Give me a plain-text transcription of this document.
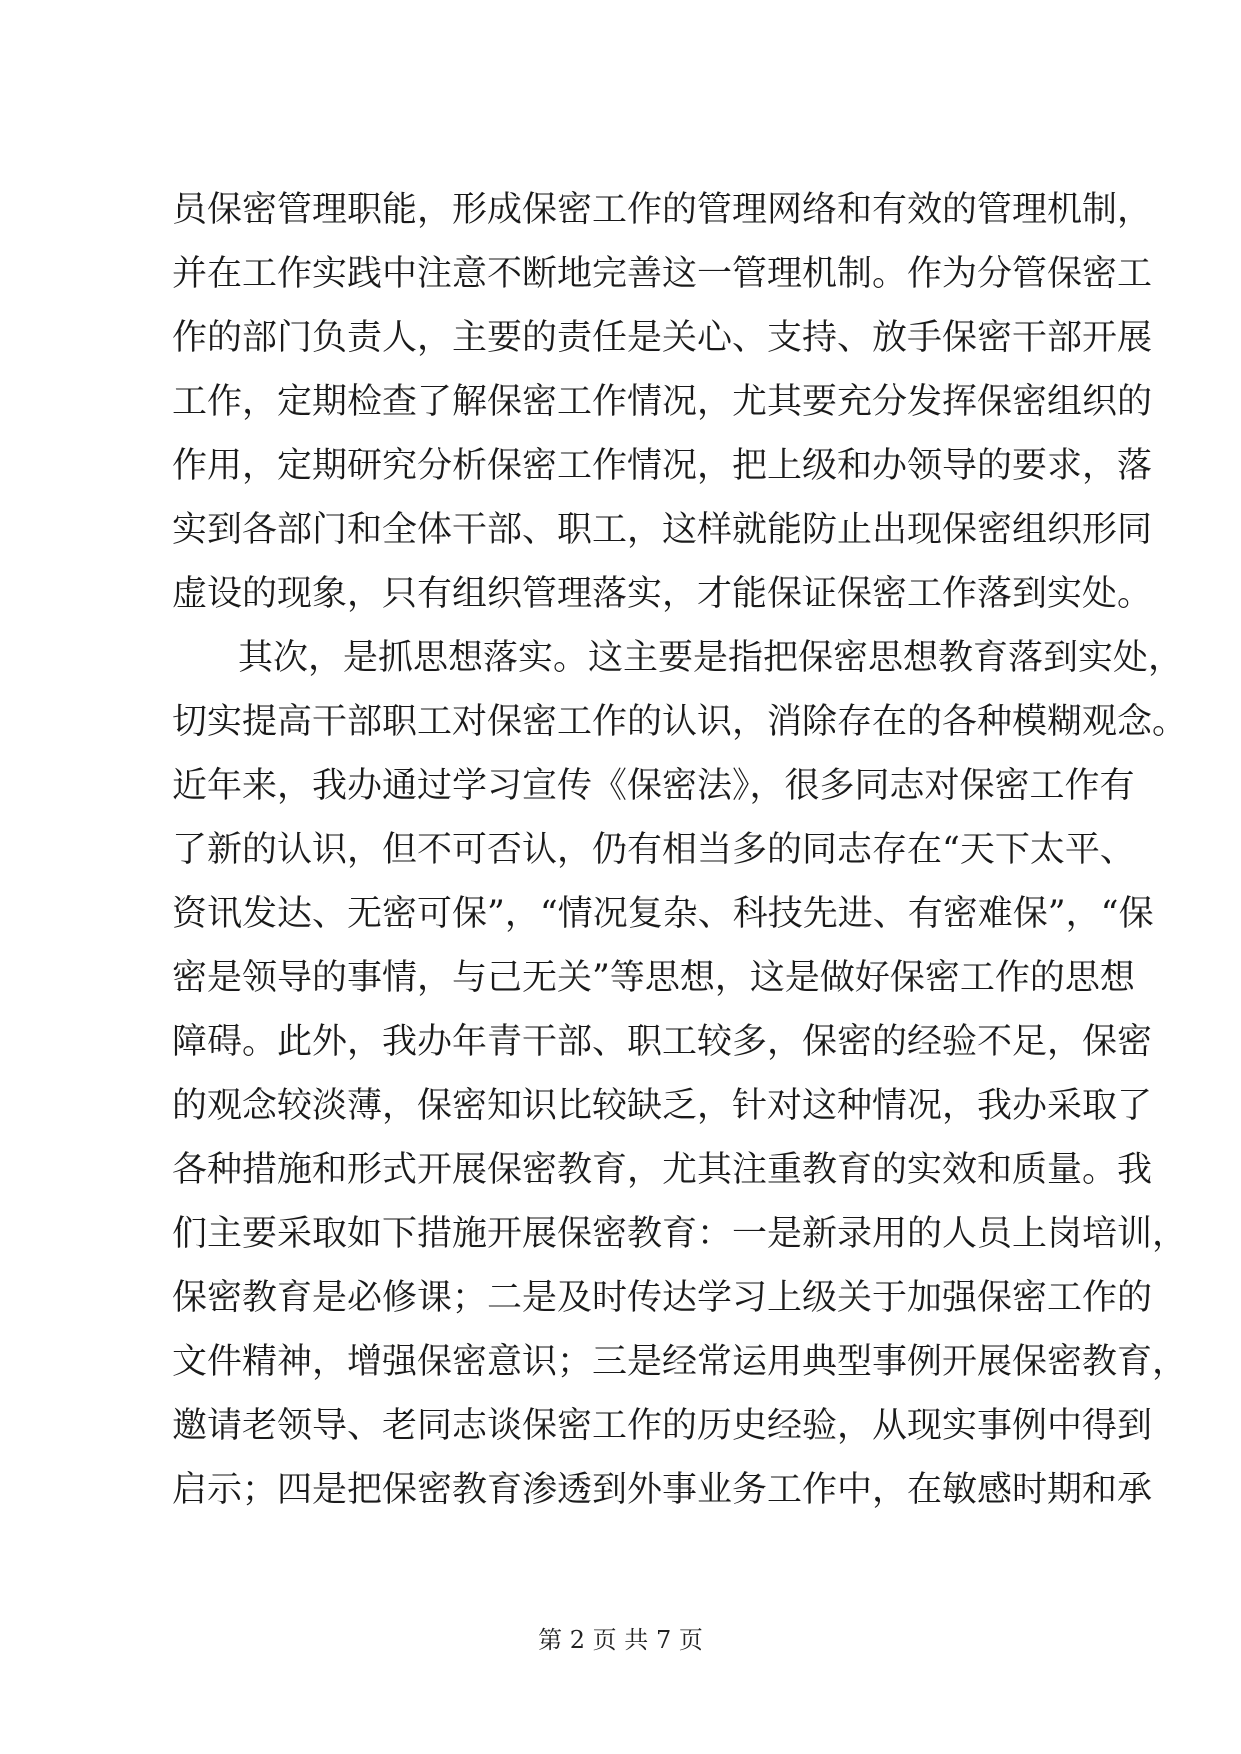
员保密管理职能，形成保密工作的管理网络和有效的管理机制，
并在工作实践中注意不断地完善这一管理机制。作为分管保密工
作的部门负责人，主要的责任是关心、支持、放手保密干部开展
工作，定期检查了解保密工作情况，尤其要充分发挥保密组织的
作用，定期研究分析保密工作情况，把上级和办领导的要求，落
实到各部门和全体干部、职工，这样就能防止出现保密组织形同
虚设的现象，只有组织管理落实，才能保证保密工作落到实处。
其次，是抓思想落实。这主要是指把保密思想教育落到实处，
切实提高干部职工对保密工作的认识，消除存在的各种模糊观念。
近年来，我办通过学习宣传《保密法》，很多同志对保密工作有
了新的认识，但不可否认，仍有相当多的同志存在“天下太平、
资讯发达、无密可保”，“情况复杂、科技先进、有密难保”，“保
密是领导的事情，与己无关”等思想，这是做好保密工作的思想
障碍。此外，我办年青干部、职工较多，保密的经验不足，保密
的观念较淡薄，保密知识比较缺乏，针对这种情况，我办采取了
各种措施和形式开展保密教育，尤其注重教育的实效和质量。我
们主要采取如下措施开展保密教育：一是新录用的人员上岗培训，
保密教育是必修课；二是及时传达学习上级关于加强保密工作的
文件精神，增强保密意识；三是经常运用典型事例开展保密教育，
邀请老领导、老同志谈保密工作的历史经验，从现实事例中得到
启示；四是把保密教育渗透到外事业务工作中，在敏感时期和承
第 2 页 共 7 页
